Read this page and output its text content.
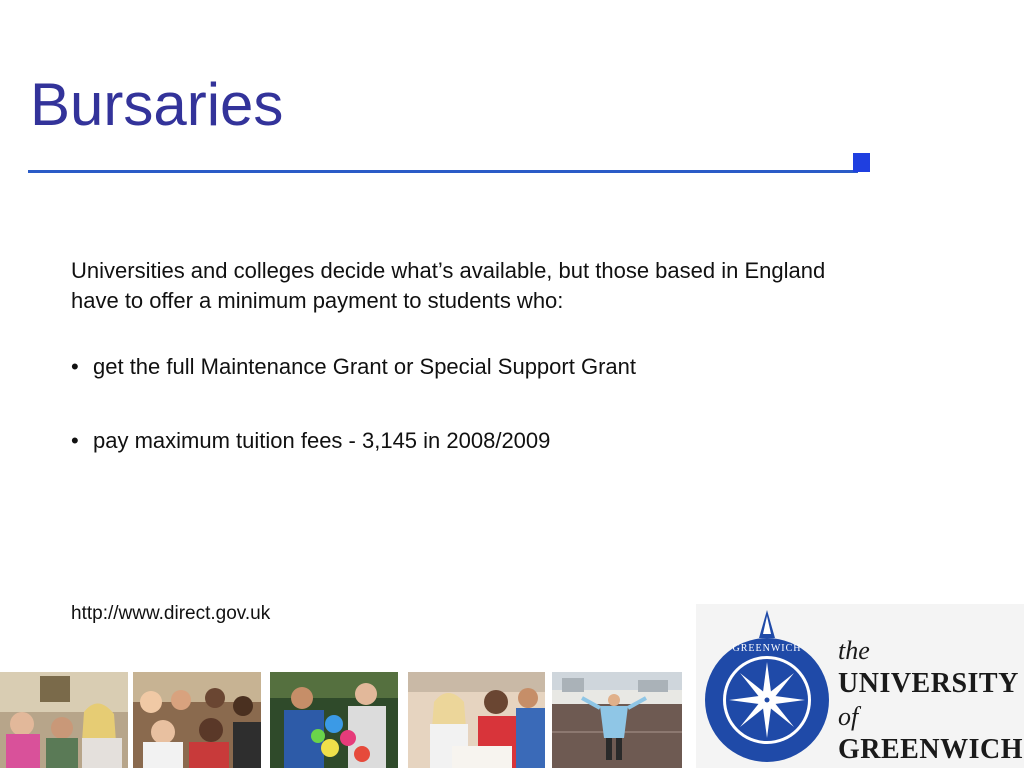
Bursaries
Universities and colleges decide what’s available, but those based in England have to offer a minimum payment to students who:
• get the full Maintenance Grant or Special Support Grant
• pay maximum tuition fees - 3,145 in 2008/2009
http://www.direct.gov.uk
GREENWICH the
UNIVERSITY
of
GREENWICH
